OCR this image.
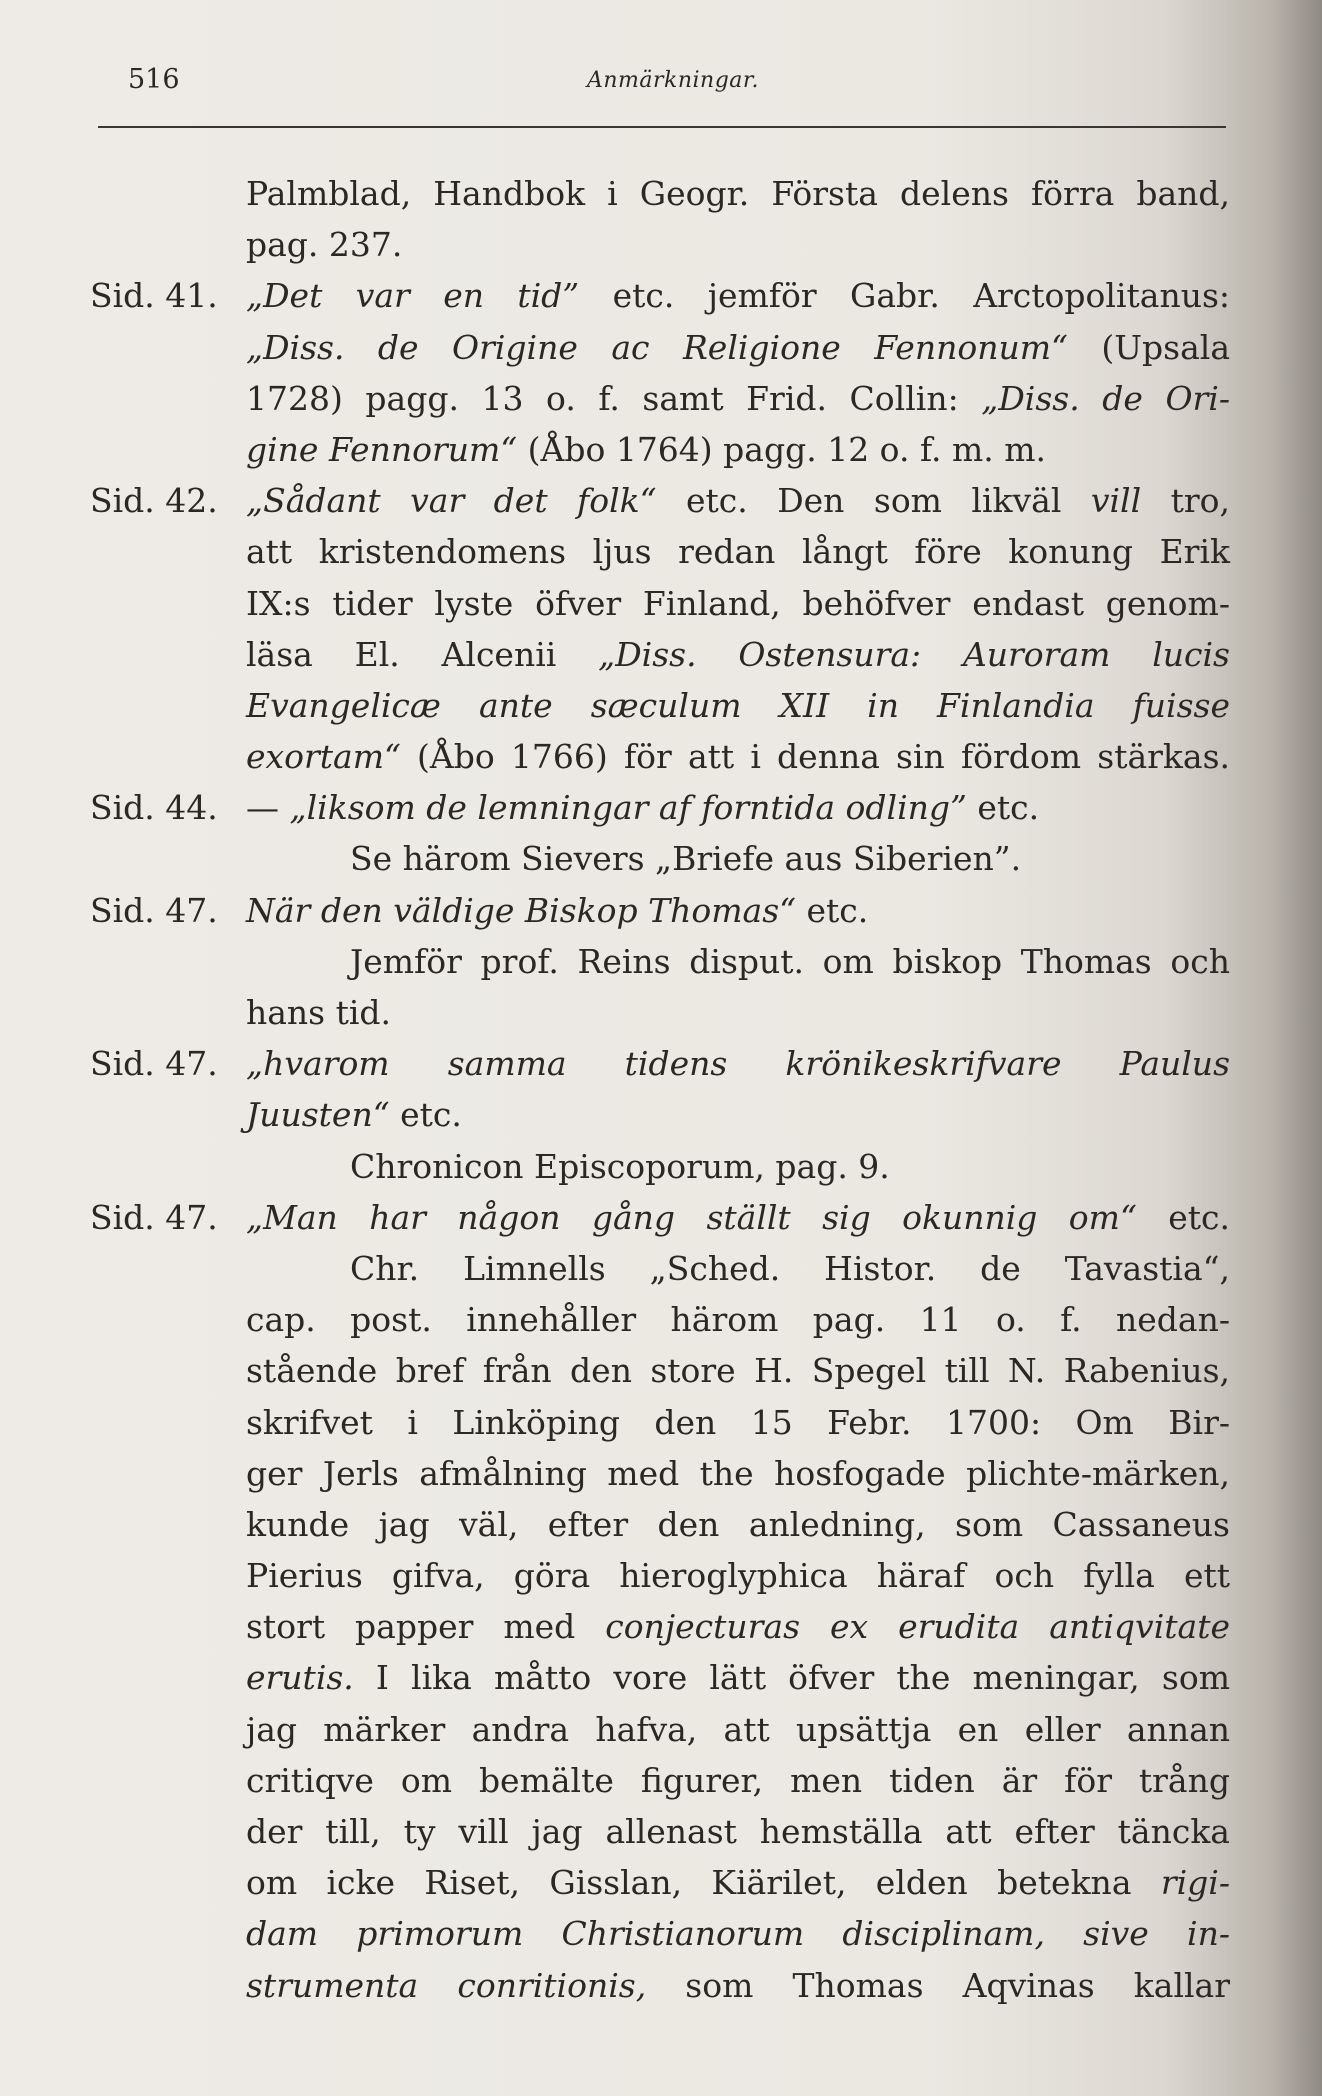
516	Anmärkningar.
Palmblad, Handbok i Geogr. Första delens förra band,
pag. 237.
Sid. 41. „Det var en tid” etc. jemför Gabr. Arctopolitanus:
„Diss. de Origine ac Religione Fennonum“ (Upsala
1728) pagg. 13 o. f. samt Frid. Collin: „Diss. de Ori-
gine Fennorum“ (Åbo 1764) pagg. 12 o. f. m. m.
Sid. 42. „Sådant var det folk“ etc. Den som likväl vill tro,
att kristendomens ljus redan långt före konung Erik
IX:s tider lyste öfver Finland, behöfver endast genom-
läsa El. Alcenii „Diss. Ostensura: Auroram lucis
Evangelicæ ante sæculum XII in Finlandia fuisse
exortam“ (Åbo 1766) för att i denna sin fördom stärkas.
Sid. 44. — „liksom de lemningar af forntida odling” etc.
Se härom Sievers „Briefe aus Siberien”.
Sid. 47. När den väldige Biskop Thomas“ etc.
Jemför prof. Reins disput. om biskop Thomas och
hans tid.
Sid. 47. „hvarom samma tidens krönikeskrifvare Paulus
Juusten“ etc.
Chronicon Episcoporum, pag. 9.
Sid. 47. „Man har någon gång ställt sig okunnig om“ etc.
Chr. Limnells „Sched. Histor. de Tavastia“,
cap. post. innehåller härom pag. 11 o. f. nedan-
stående bref från den store H. Spegel till N. Rabenius,
skrifvet i Linköping den 15 Febr. 1700: Om Bir-
ger Jerls afmålning med the hosfogade plichte-märken,
kunde jag väl, efter den anledning, som Cassaneus
Pierius gifva, göra hieroglyphica häraf och fylla ett
stort papper med conjecturas ex erudita antiqvitate
erutis. I lika måtto vore lätt öfver the meningar, som
jag märker andra hafva, att upsättja en eller annan
critiqve om bemälte figurer, men tiden är för trång
der till, ty vill jag allenast hemställa att efter täncka
om icke Riset, Gisslan, Kiärilet, elden betekna rigi-
dam primorum Christianorum disciplinam, sive in-
strumenta conritionis, som Thomas Aqvinas kallar
